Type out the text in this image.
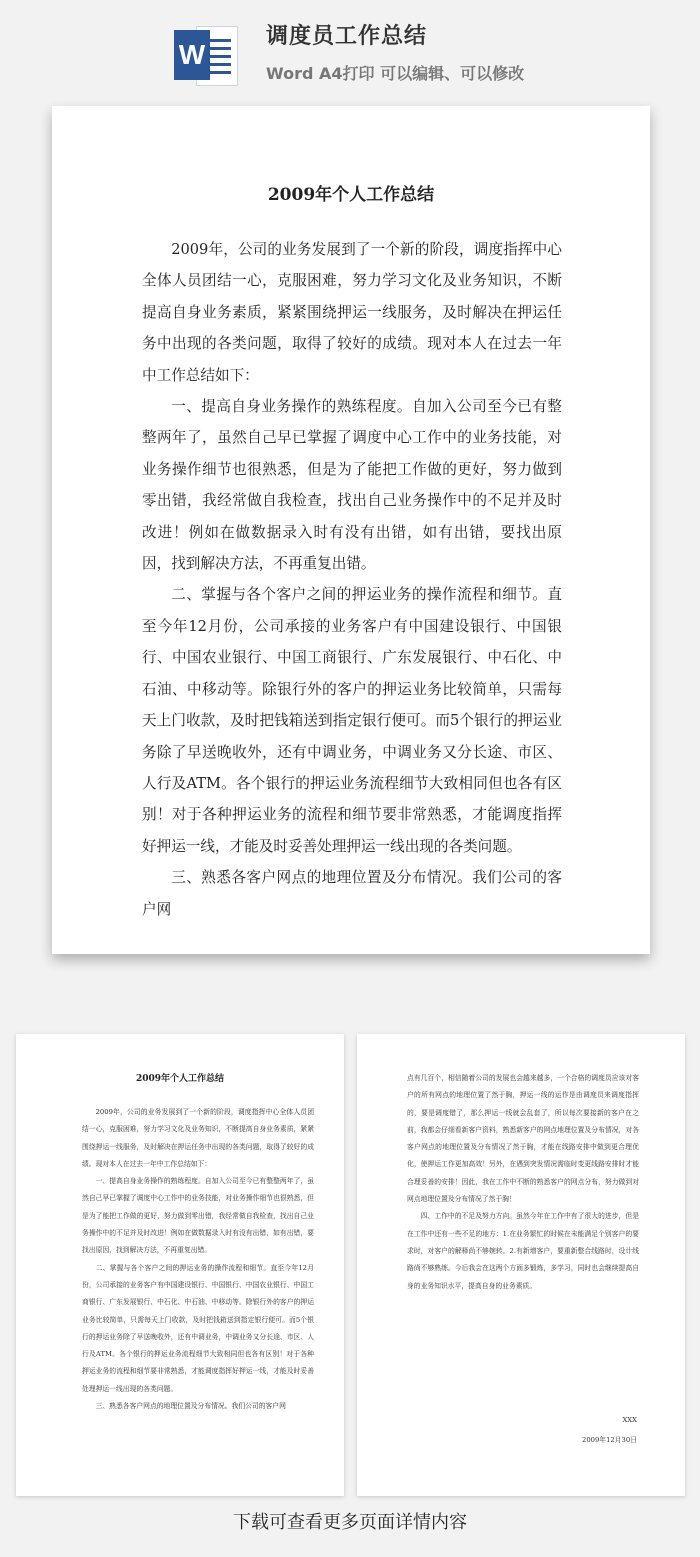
W
调度员工作总结
Word A4打印 可以编辑、可以修改
2009年个人工作总结

2009年，公司的业务发展到了一个新的阶段，调度指挥中心全体人员团结一心，克服困难，努力学习文化及业务知识，不断提高自身业务素质，紧紧围绕押运一线服务，及时解决在押运任务中出现的各类问题，取得了较好的成绩。现对本人在过去一年中工作总结如下：

一、提高自身业务操作的熟练程度。自加入公司至今已有整整两年了，虽然自己早已掌握了调度中心工作中的业务技能，对业务操作细节也很熟悉，但是为了能把工作做的更好，努力做到零出错，我经常做自我检查，找出自己业务操作中的不足并及时改进！例如在做数据录入时有没有出错，如有出错，要找出原因，找到解决方法，不再重复出错。

二、掌握与各个客户之间的押运业务的操作流程和细节。直至今年12月份，公司承接的业务客户有中国建设银行、中国银行、中国农业银行、中国工商银行、广东发展银行、中石化、中石油、中移动等。除银行外的客户的押运业务比较简单，只需每天上门收款，及时把钱箱送到指定银行便可。而5个银行的押运业务除了早送晚收外，还有中调业务，中调业务又分长途、市区、人行及ATM。各个银行的押运业务流程细节大致相同但也各有区别！对于各种押运业务的流程和细节要非常熟悉，才能调度指挥好押运一线，才能及时妥善处理押运一线出现的各类问题。

三、熟悉各客户网点的地理位置及分布情况。我们公司的客户网

2009年个人工作总结

2009年，公司的业务发展到了一个新的阶段，调度指挥中心全体人员团结一心，克服困难，努力学习文化及业务知识，不断提高自身业务素质，紧紧围绕押运一线服务，及时解决在押运任务中出现的各类问题，取得了较好的成绩。现对本人在过去一年中工作总结如下：

一、提高自身业务操作的熟练程度。自加入公司至今已有整整两年了，虽然自己早已掌握了调度中心工作中的业务技能，对业务操作细节也很熟悉，但是为了能把工作做的更好，努力做到零出错，我经常做自我检查，找出自己业务操作中的不足并及时改进！例如在做数据录入时有没有出错，如有出错，要找出原因，找到解决方法，不再重复出错。

二、掌握与各个客户之间的押运业务的操作流程和细节。直至今年12月份，公司承接的业务客户有中国建设银行、中国银行、中国农业银行、中国工商银行、广东发展银行、中石化、中石油、中移动等。除银行外的客户的押运业务比较简单，只需每天上门收款，及时把钱箱送到指定银行便可。而5个银行的押运业务除了早送晚收外，还有中调业务，中调业务又分长途、市区、人行及ATM。各个银行的押运业务流程细节大致相同但也各有区别！对于各种押运业务的流程和细节要非常熟悉，才能调度指挥好押运一线，才能及时妥善处理押运一线出现的各类问题。

三、熟悉各客户网点的地理位置及分布情况。我们公司的客户网

点有几百个，相信随着公司的发展也会越来越多，一个合格的调度员应该对客户的所有网点的地理位置了然于胸，押运一线的运作是由调度员来调度指挥的，要是调度错了，那么押运一线就会乱套了，所以每次要接新的客户在之前，我都会仔细看新客户资料，熟悉新客户的网点地理位置及分布情况，对各客户网点的地理位置及分布情况了然于胸，才能在线路安排中做到更合理优化，使押运工作更加高效！另外，在遇到突发情况需临时变更线路安排时才能合理妥善的安排！因此，我在工作中不断的熟悉客户的网点分布，努力做到对网点地理位置及分布情况了然于胸！

四、工作中的不足及努力方向。虽然今年在工作中有了很大的进步，但是在工作中还有一些不足的地方：1.在业务繁忙的时候在未能满足个别客户的要求时，对客户的解释尚不够婉转。2.有新增客户，要重新整合线路时，设计线路尚不够熟练。今后我会在这两个方面多锻炼，多学习，同时也会继续提高自身的业务知识水平，提高自身的业务素质。

XXX
2009年12月30日
下载可查看更多页面详情内容
